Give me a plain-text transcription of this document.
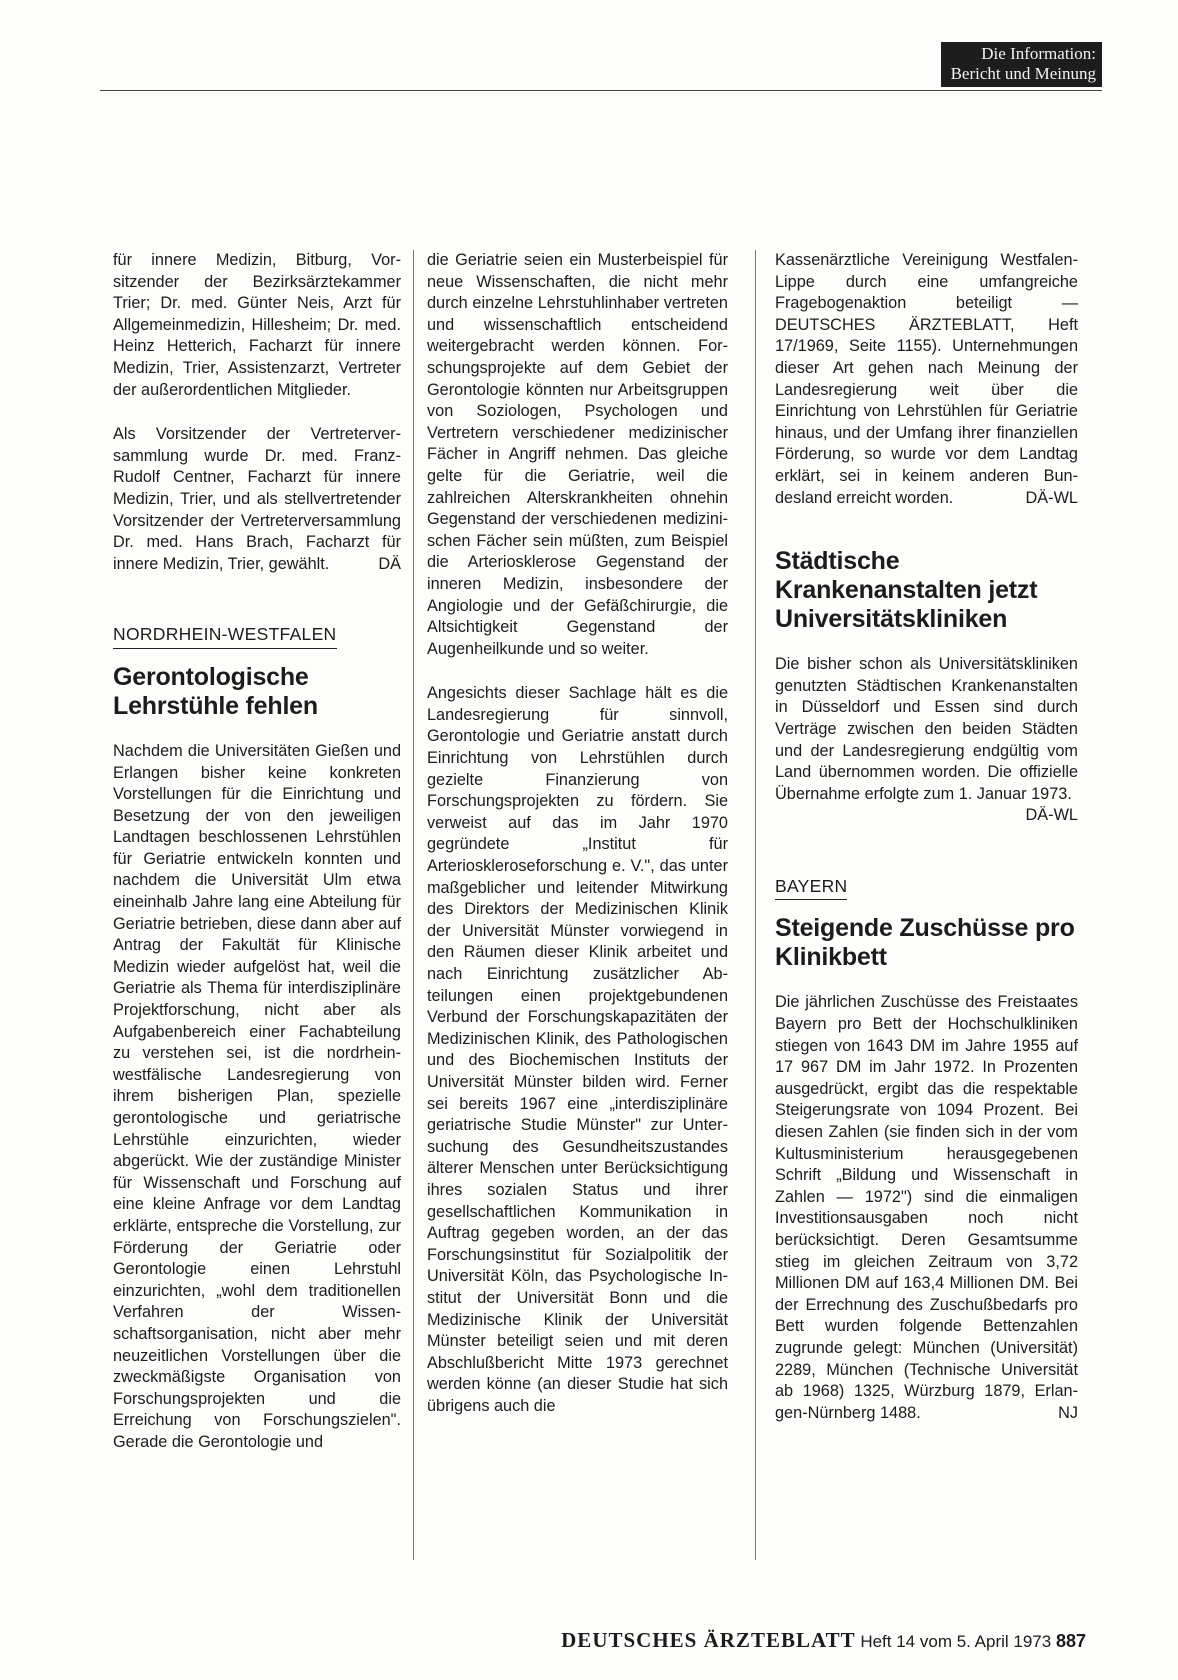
Die Information:
Bericht und Meinung

für innere Medizin, Bitburg, Vorsitzender der Bezirksärztekammer Trier; Dr. med. Günter Neis, Arzt für Allgemeinmedizin, Hillesheim; Dr. med. Heinz Hetterich, Facharzt für innere Medizin, Trier, Assistenzarzt, Vertreter der außerordentlichen Mitglieder.

Als Vorsitzender der Vertreterversammlung wurde Dr. med. Franz-Rudolf Centner, Facharzt für innere Medizin, Trier, und als stellvertretender Vorsitzender der Vertreterversammlung Dr. med. Hans Brach, Facharzt für innere Medizin, Trier, gewählt.	DÄ

NORDRHEIN-WESTFALEN
Gerontologische Lehrstühle fehlen

Nachdem die Universitäten Gießen und Erlangen bisher keine konkreten Vorstellungen für die Einrichtung und Besetzung der von den jeweiligen Landtagen beschlossenen Lehrstühlen für Geriatrie entwickeln konnten und nachdem die Universität Ulm etwa eineinhalb Jahre lang eine Abteilung für Geriatrie betrieben, diese dann aber auf Antrag der Fakultät für Klinische Medizin wieder aufgelöst hat, weil die Geriatrie als Thema für interdisziplinäre Projektforschung, nicht aber als Aufgabenbereich einer Fachabteilung zu verstehen sei, ist die nordrhein-westfälische Landesregierung von ihrem bisherigen Plan, spezielle gerontologische und geriatrische Lehrstühle einzurichten, wieder abgerückt. Wie der zuständige Minister für Wissenschaft und Forschung auf eine kleine Anfrage vor dem Landtag erklärte, entspreche die Vorstellung, zur Förderung der Geriatrie oder Gerontologie einen Lehrstuhl einzurichten, „wohl dem traditionellen Verfahren der Wissenschaftsorganisation, nicht aber mehr neuzeitlichen Vorstellungen über die zweckmäßigste Organisation von Forschungsprojekten und die Erreichung von Forschungszielen". Gerade die Gerontologie und

die Geriatrie seien ein Musterbeispiel für neue Wissenschaften, die nicht mehr durch einzelne Lehrstuhlinhaber vertreten und wissenschaftlich entscheidend weitergebracht werden können. Forschungsprojekte auf dem Gebiet der Gerontologie könnten nur Arbeitsgruppen von Soziologen, Psychologen und Vertretern verschiedener medizinischer Fächer in Angriff nehmen. Das gleiche gelte für die Geriatrie, weil die zahlreichen Alterskrankheiten ohnehin Gegenstand der verschiedenen medizinischen Fächer sein müßten, zum Beispiel die Arteriosklerose Gegenstand der inneren Medizin, insbesondere der Angiologie und der Gefäßchirurgie, die Altsichtigkeit Gegenstand der Augenheilkunde und so weiter.

Angesichts dieser Sachlage hält es die Landesregierung für sinnvoll, Gerontologie und Geriatrie anstatt durch Einrichtung von Lehrstühlen durch gezielte Finanzierung von Forschungsprojekten zu fördern. Sie verweist auf das im Jahr 1970 gegründete „Institut für Arterioskleroseforschung e. V.", das unter maßgeblicher und leitender Mitwirkung des Direktors der Medizinischen Klinik der Universität Münster vorwiegend in den Räumen dieser Klinik arbeitet und nach Einrichtung zusätzlicher Abteilungen einen projektgebundenen Verbund der Forschungskapazitäten der Medizinischen Klinik, des Pathologischen und des Biochemischen Instituts der Universität Münster bilden wird. Ferner sei bereits 1967 eine „interdisziplinäre geriatrische Studie Münster" zur Untersuchung des Gesundheitszustandes älterer Menschen unter Berücksichtigung ihres sozialen Status und ihrer gesellschaftlichen Kommunikation in Auftrag gegeben worden, an der das Forschungsinstitut für Sozialpolitik der Universität Köln, das Psychologische Institut der Universität Bonn und die Medizinische Klinik der Universität Münster beteiligt seien und mit deren Abschlußbericht Mitte 1973 gerechnet werden könne (an dieser Studie hat sich übrigens auch die

Kassenärztliche Vereinigung Westfalen-Lippe durch eine umfangreiche Fragebogenaktion beteiligt — DEUTSCHES ÄRZTEBLATT, Heft 17/1969, Seite 1155). Unternehmungen dieser Art gehen nach Meinung der Landesregierung weit über die Einrichtung von Lehrstühlen für Geriatrie hinaus, und der Umfang ihrer finanziellen Förderung, so wurde vor dem Landtag erklärt, sei in keinem anderen Bundesland erreicht worden.	DÄ-WL

Städtische Krankenanstalten jetzt Universitätskliniken

Die bisher schon als Universitätskliniken genutzten Städtischen Krankenanstalten in Düsseldorf und Essen sind durch Verträge zwischen den beiden Städten und der Landesregierung endgültig vom Land übernommen worden. Die offizielle Übernahme erfolgte zum 1. Januar 1973.
DÄ-WL

BAYERN
Steigende Zuschüsse pro Klinikbett

Die jährlichen Zuschüsse des Freistaates Bayern pro Bett der Hochschulkliniken stiegen von 1643 DM im Jahre 1955 auf 17 967 DM im Jahr 1972. In Prozenten ausgedrückt, ergibt das die respektable Steigerungsrate von 1094 Prozent. Bei diesen Zahlen (sie finden sich in der vom Kultusministerium herausgegebenen Schrift „Bildung und Wissenschaft in Zahlen — 1972") sind die einmaligen Investitionsausgaben noch nicht berücksichtigt. Deren Gesamtsumme stieg im gleichen Zeitraum von 3,72 Millionen DM auf 163,4 Millionen DM. Bei der Errechnung des Zuschußbedarfs pro Bett wurden folgende Bettenzahlen zugrunde gelegt: München (Universität) 2289, München (Technische Universität ab 1968) 1325, Würzburg 1879, Erlangen-Nürnberg 1488.	NJ

DEUTSCHES ÄRZTEBLATT Heft 14 vom 5. April 1973 887
